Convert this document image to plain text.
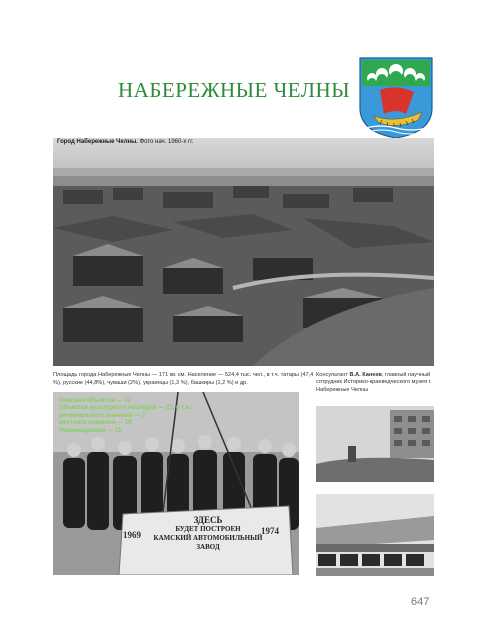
НАБЕРЕЖНЫЕ ЧЕЛНЫ
Город Набережные Челны. Фото нач. 1960-х гг.
Площадь города Набережные Челны — 171 кв. км. Население — 524,4 тыс. чел., в т.ч. татары (47,4 %), русские (44,8%), чуваши (2%), украинцы (1,3 %), башкиры (1,2 %) и др.
Консультант В.А. Канеев, главный научный сотрудник Историко-краеведческого музея г. Набережные Челны
Описано объектов — 32
Объектов культурного наследия — 21, в т.ч.:
регионального значения — 2
местного значения — 19
Рекомендовано — 11
ЗДЕСЬ
БУДЕТ ПОСТРОЕН
КАМСКИЙ АВТОМОБИЛЬНЫЙ
ЗАВОД
1969	1974
647
